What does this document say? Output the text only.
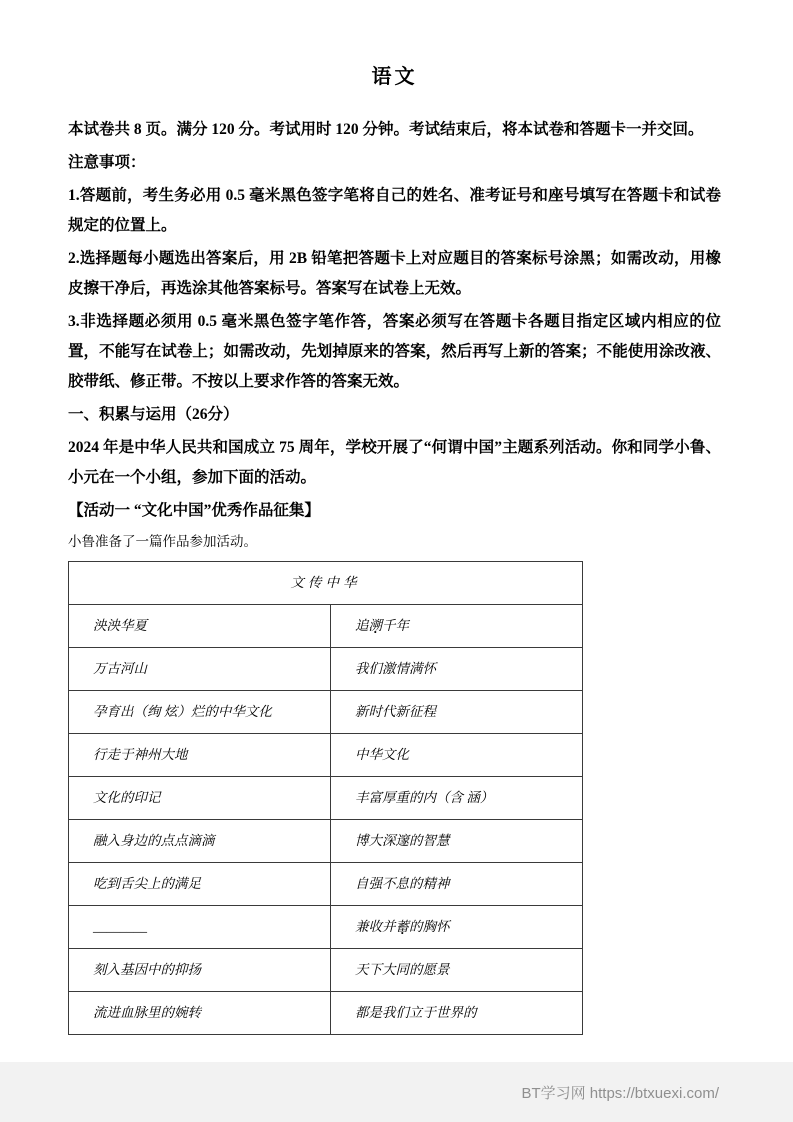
语文

本试卷共 8 页。满分 120 分。考试用时 120 分钟。考试结束后，将本试卷和答题卡一并交回。

注意事项：

1.答题前，考生务必用 0.5 毫米黑色签字笔将自己的姓名、准考证号和座号填写在答题卡和试卷规定的位置上。

2.选择题每小题选出答案后，用 2B 铅笔把答题卡上对应题目的答案标号涂黑；如需改动，用橡皮擦干净后，再选涂其他答案标号。答案写在试卷上无效。

3.非选择题必须用 0.5 毫米黑色签字笔作答，答案必须写在答题卡各题目指定区域内相应的位置，不能写在试卷上；如需改动，先划掉原来的答案，然后再写上新的答案；不能使用涂改液、胶带纸、修正带。不按以上要求作答的答案无效。

一、积累与运用（26分）

2024 年是中华人民共和国成立 75 周年，学校开展了“何谓中国”主题系列活动。你和同学小鲁、小元在一个小组，参加下面的活动。

【活动一 “文化中国”优秀作品征集】

小鲁准备了一篇作品参加活动。

文传中华	
泱泱华夏	追溯千年
万古河山	我们激情满怀
孕育出（绚 炫）烂的中华文化	新时代新征程
行走于神州大地	中华文化
文化的印记	丰富厚重的内（含 涵）
融入身边的点点滴滴	博大深邃的智慧
吃到舌尖上的满足	自强不息的精神
________	兼收并蓄的胸怀
刻入基因中的抑扬	天下大同的愿景
流进血脉里的婉转	都是我们立于世界的
BT学习网 https://btxuexi.com/
